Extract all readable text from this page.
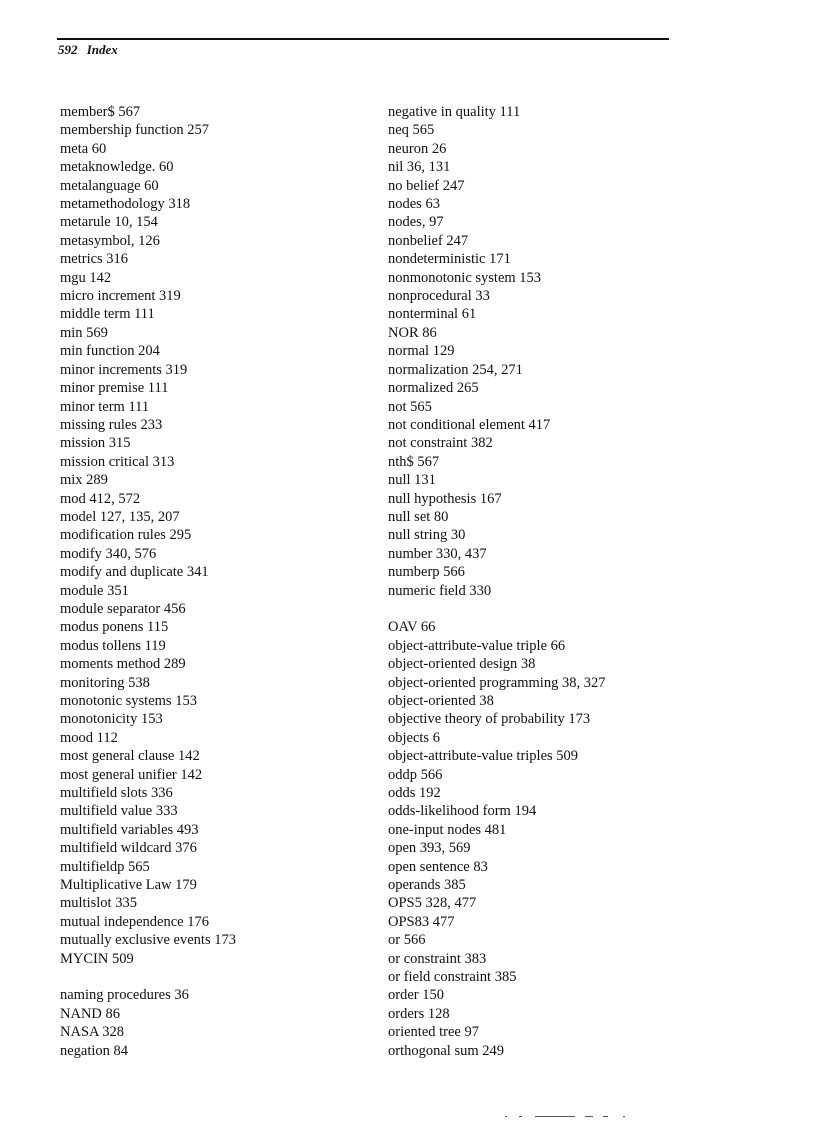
592 Index
member$ 567
membership function 257
meta 60
metaknowledge. 60
metalanguage 60
metamethodology 318
metarule 10, 154
metasymbol, 126
metrics 316
mgu 142
micro increment 319
middle term 111
min 569
min function 204
minor increments 319
minor premise 111
minor term 111
missing rules 233
mission 315
mission critical 313
mix 289
mod 412, 572
model 127, 135, 207
modification rules 295
modify 340, 576
modify and duplicate 341
module 351
module separator 456
modus ponens 115
modus tollens 119
moments method 289
monitoring 538
monotonic systems 153
monotonicity 153
mood 112
most general clause 142
most general unifier 142
multifield slots 336
multifield value 333
multifield variables 493
multifield wildcard 376
multifieldp 565
Multiplicative Law 179
multislot 335
mutual independence 176
mutually exclusive events 173
MYCIN 509
naming procedures 36
NAND 86
NASA 328
negation 84
negative in quality 111
neq 565
neuron 26
nil 36, 131
no belief 247
nodes 63
nodes, 97
nonbelief 247
nondeterministic 171
nonmonotonic system 153
nonprocedural 33
nonterminal 61
NOR 86
normal 129
normalization 254, 271
normalized 265
not 565
not conditional element 417
not constraint 382
nth$ 567
null 131
null hypothesis 167
null set 80
null string 30
number 330, 437
numberp 566
numeric field 330
OAV 66
object-attribute-value triple 66
object-oriented design 38
object-oriented programming 38, 327
object-oriented 38
objective theory of probability 173
objects 6
object-attribute-value triples 509
oddp 566
odds 192
odds-likelihood form 194
one-input nodes 481
open 393, 569
open sentence 83
operands 385
OPS5 328, 477
OPS83 477
or 566
or constraint 383
or field constraint 385
order 150
orders 128
oriented tree 97
orthogonal sum 249
